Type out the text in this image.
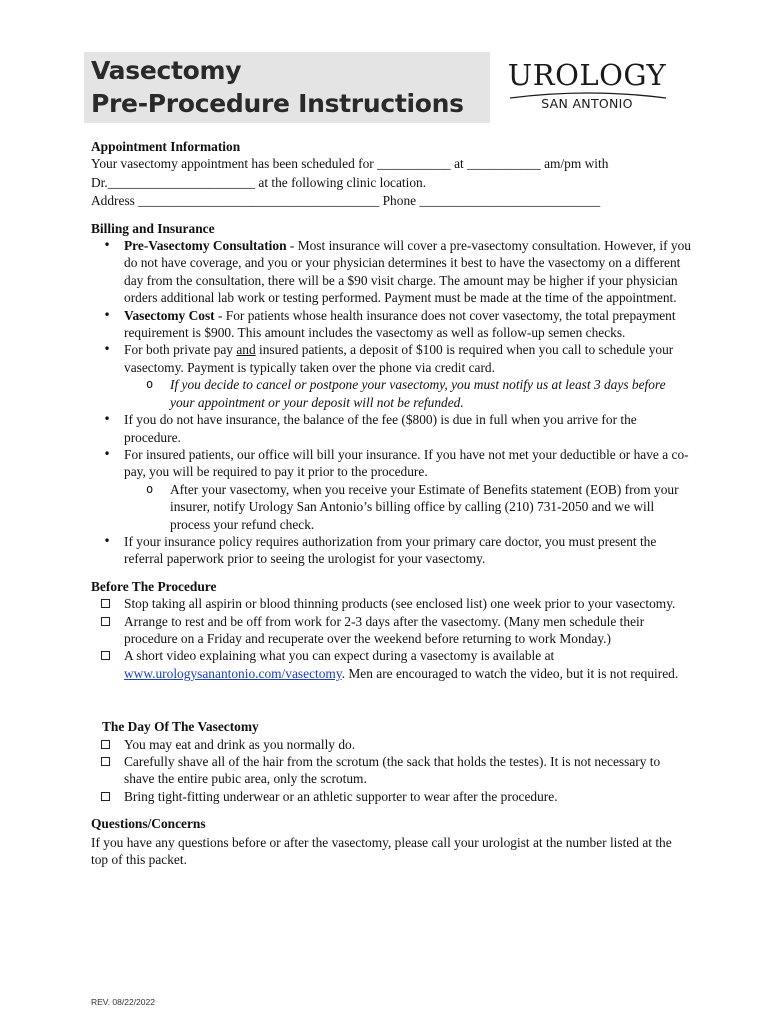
Vasectomy
Pre-Procedure Instructions
UROLOGY
SAN ANTONIO

Appointment Information

Your vasectomy appointment has been scheduled for ___________ at ___________ am/pm with

Dr.______________________ at the following clinic location.

Address ____________________________________ Phone ___________________________

Billing and Insurance

• Pre-Vasectomy Consultation - Most insurance will cover a pre-vasectomy consultation. However, if you do not have coverage, and you or your physician determines it best to have the vasectomy on a different day from the consultation, there will be a $90 visit charge. The amount may be higher if your physician orders additional lab work or testing performed. Payment must be made at the time of the appointment.
• Vasectomy Cost - For patients whose health insurance does not cover vasectomy, the total prepayment requirement is $900. This amount includes the vasectomy as well as follow-up semen checks.
• For both private pay and insured patients, a deposit of $100 is required when you call to schedule your vasectomy. Payment is typically taken over the phone via credit card.
o If you decide to cancel or postpone your vasectomy, you must notify us at least 3 days before your appointment or your deposit will not be refunded.
• If you do not have insurance, the balance of the fee ($800) is due in full when you arrive for the procedure.
• For insured patients, our office will bill your insurance. If you have not met your deductible or have a co-pay, you will be required to pay it prior to the procedure.
o After your vasectomy, when you receive your Estimate of Benefits statement (EOB) from your insurer, notify Urology San Antonio’s billing office by calling (210) 731-2050 and we will process your refund check.
• If your insurance policy requires authorization from your primary care doctor, you must present the referral paperwork prior to seeing the urologist for your vasectomy.

Before The Procedure

Stop taking all aspirin or blood thinning products (see enclosed list) one week prior to your vasectomy.
Arrange to rest and be off from work for 2-3 days after the vasectomy. (Many men schedule their procedure on a Friday and recuperate over the weekend before returning to work Monday.)
A short video explaining what you can expect during a vasectomy is available at www.urologysanantonio.com/vasectomy. Men are encouraged to watch the video, but it is not required.

The Day Of The Vasectomy

You may eat and drink as you normally do.
Carefully shave all of the hair from the scrotum (the sack that holds the testes). It is not necessary to shave the entire pubic area, only the scrotum.
Bring tight-fitting underwear or an athletic supporter to wear after the procedure.

Questions/Concerns

If you have any questions before or after the vasectomy, please call your urologist at the number listed at the top of this packet.

REV. 08/22/2022
